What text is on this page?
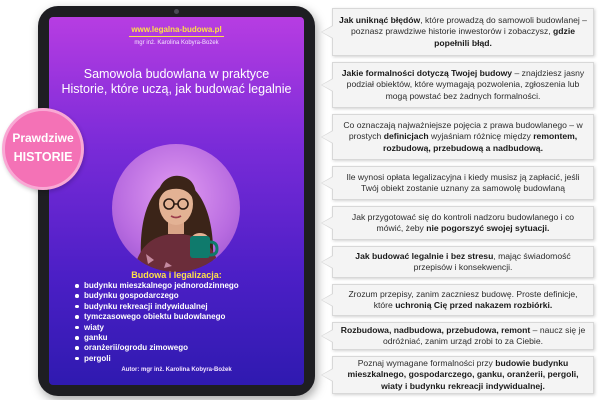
www.legalna-budowa.pl
mgr inż. Karolina Kobyra-Bożek
Samowola budowlana w praktyce Historie, które uczą, jak budować legalnie
Budowa i legalizacja:
budynku mieszkalnego jednorodzinnego
budynku gospodarczego
budynku rekreacji indywidualnej
tymczasowego obiektu budowlanego
wiaty
ganku
oranżerii/ogrodu zimowego
pergoli
Autor: mgr inż. Karolina Kobyra-Bożek
Prawdziwe
HISTORIE

Jak uniknąć błędów, które prowadzą do samowoli budowlanej – poznasz prawdziwe historie inwestorów i zobaczysz, gdzie popełnili błąd.

Jakie formalności dotyczą Twojej budowy – znajdziesz jasny podział obiektów, które wymagają pozwolenia, zgłoszenia lub mogą powstać bez żadnych formalności.

Co oznaczają najważniejsze pojęcia z prawa budowlanego – w prostych definicjach wyjaśniam różnicę między remontem, rozbudową, przebudową a nadbudową.

Ile wynosi opłata legalizacyjna i kiedy musisz ją zapłacić, jeśli Twój obiekt zostanie uznany za samowolę budowlaną

Jak przygotować się do kontroli nadzoru budowlanego i co mówić, żeby nie pogorszyć swojej sytuacji.

Jak budować legalnie i bez stresu, mając świadomość przepisów i konsekwencji.

Zrozum przepisy, zanim zaczniesz budowę. Proste definicje, które uchronią Cię przed nakazem rozbiórki.

Rozbudowa, nadbudowa, przebudowa, remont – naucz się je odróżniać, zanim urząd zrobi to za Ciebie.

Poznaj wymagane formalności przy budowie budynku mieszkalnego, gospodarczego, ganku, oranżerii, pergoli, wiaty i budynku rekreacji indywidualnej.
